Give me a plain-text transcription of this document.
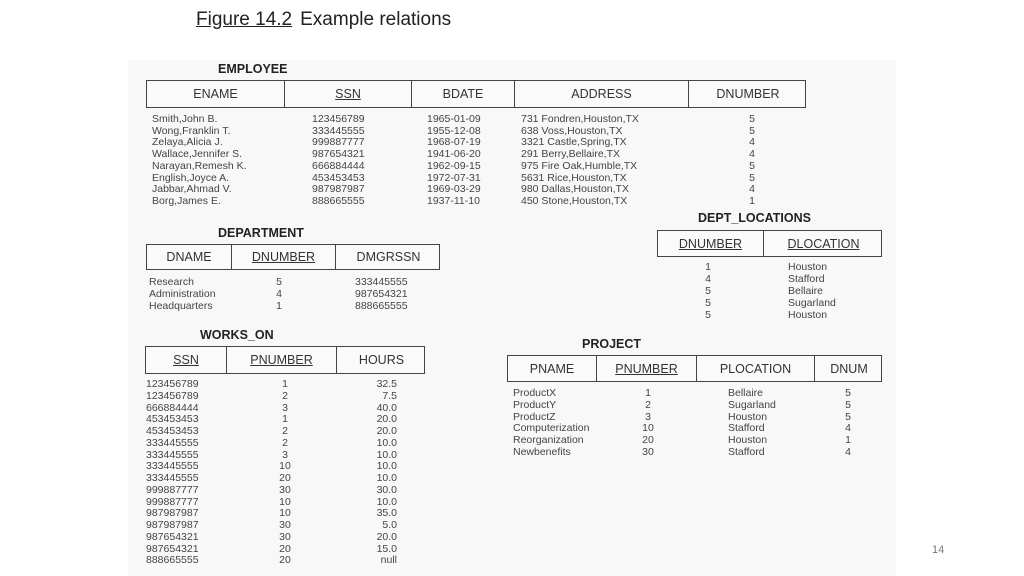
Figure 14.2 Example relations
14
EMPLOYEE
ENAME	SSN	BDATE	ADDRESS	DNUMBER
Smith,John B.	123456789	1965-01-09	731 Fondren,Houston,TX	5
Wong,Franklin T.	333445555	1955-12-08	638 Voss,Houston,TX	5
Zelaya,Alicia J.	999887777	1968-07-19	3321 Castle,Spring,TX	4
Wallace,Jennifer S.	987654321	1941-06-20	291 Berry,Bellaire,TX	4
Narayan,Remesh K.	666884444	1962-09-15	975 Fire Oak,Humble,TX	5
English,Joyce A.	453453453	1972-07-31	5631 Rice,Houston,TX	5
Jabbar,Ahmad V.	987987987	1969-03-29	980 Dallas,Houston,TX	4
Borg,James E.	888665555	1937-11-10	450 Stone,Houston,TX	1
DEPARTMENT
DNAME	DNUMBER	DMGRSSN
Research	5	333445555
Administration	4	987654321
Headquarters	1	888665555
DEPT_LOCATIONS
DNUMBER	DLOCATION
1	Houston
4	Stafford
5	Bellaire
5	Sugarland
5	Houston
WORKS_ON
SSN	PNUMBER	HOURS
123456789	1	32.5
123456789	2	7.5
666884444	3	40.0
453453453	1	20.0
453453453	2	20.0
333445555	2	10.0
333445555	3	10.0
333445555	10	10.0
333445555	20	10.0
999887777	30	30.0
999887777	10	10.0
987987987	10	35.0
987987987	30	5.0
987654321	30	20.0
987654321	20	15.0
888665555	20	null
PROJECT
PNAME	PNUMBER	PLOCATION	DNUM
ProductX	1	Bellaire	5
ProductY	2	Sugarland	5
ProductZ	3	Houston	5
Computerization	10	Stafford	4
Reorganization	20	Houston	1
Newbenefits	30	Stafford	4
